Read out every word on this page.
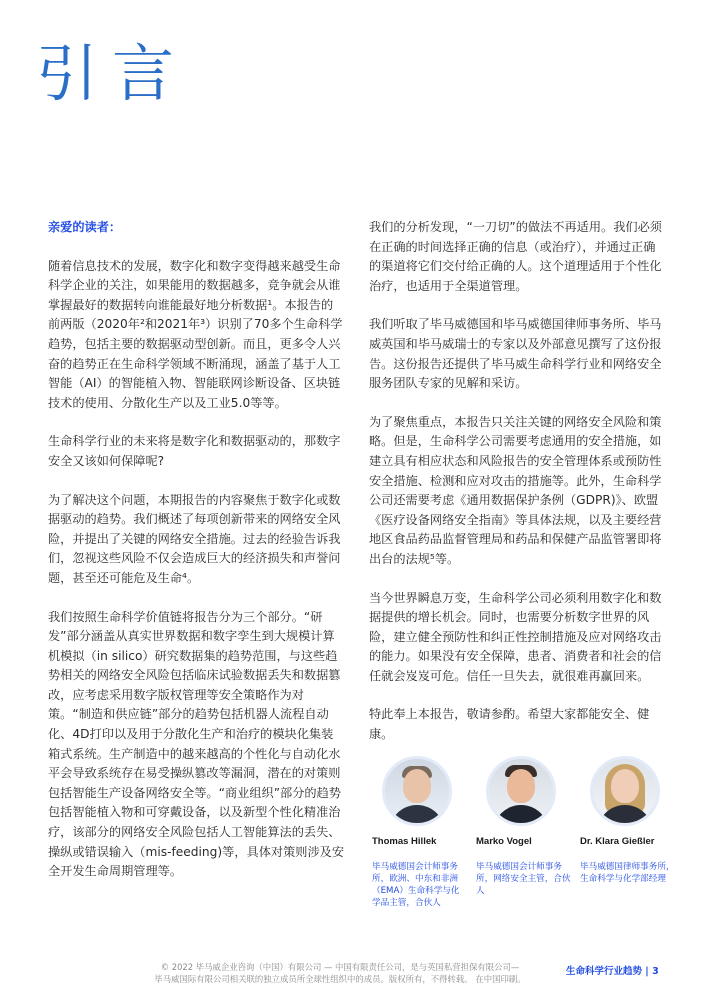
引言

亲爱的读者：

随着信息技术的发展，数字化和数字变得越来越受生命科学企业的关注，如果能用的数据越多，竞争就会从谁掌握最好的数据转向谁能最好地分析数据¹。本报告的前两版（2020年²和2021年³）识别了70多个生命科学趋势，包括主要的数据驱动型创新。而且，更多令人兴奋的趋势正在生命科学领域不断涌现，涵盖了基于人工智能（AI）的智能植入物、智能联网诊断设备、区块链技术的使用、分散化生产以及工业5.0等等。

生命科学行业的未来将是数字化和数据驱动的，那数字安全又该如何保障呢?

为了解决这个问题，本期报告的内容聚焦于数字化或数据驱动的趋势。我们概述了每项创新带来的网络安全风险，并提出了关键的网络安全措施。过去的经验告诉我们，忽视这些风险不仅会造成巨大的经济损失和声誉问题，甚至还可能危及生命⁴。

我们按照生命科学价值链将报告分为三个部分。“研发”部分涵盖从真实世界数据和数字孪生到大规模计算机模拟（in silico）研究数据集的趋势范围，与这些趋势相关的网络安全风险包括临床试验数据丢失和数据篡改，应考虑采用数字版权管理等安全策略作为对策。“制造和供应链”部分的趋势包括机器人流程自动化、4D打印以及用于分散化生产和治疗的模块化集装箱式系统。生产制造中的越来越高的个性化与自动化水平会导致系统存在易受操纵篡改等漏洞，潜在的对策则包括智能生产设备网络安全等。“商业组织”部分的趋势包括智能植入物和可穿戴设备，以及新型个性化精准治疗，该部分的网络安全风险包括人工智能算法的丢失、操纵或错误输入（mis-feeding)等，具体对策则涉及安全开发生命周期管理等。

我们的分析发现，“一刀切”的做法不再适用。我们必须在正确的时间选择正确的信息（或治疗），并通过正确的渠道将它们交付给正确的人。这个道理适用于个性化治疗，也适用于全渠道管理。

我们听取了毕马威德国和毕马威德国律师事务所、毕马威英国和毕马威瑞士的专家以及外部意见撰写了这份报告。这份报告还提供了毕马威生命科学行业和网络安全服务团队专家的见解和采访。

为了聚焦重点，本报告只关注关键的网络安全风险和策略。但是，生命科学公司需要考虑通用的安全措施，如建立具有相应状态和风险报告的安全管理体系或预防性安全措施、检测和应对攻击的措施等。此外，生命科学公司还需要考虑《通用数据保护条例（GDPR)》、欧盟《医疗设备网络安全指南》等具体法规，以及主要经营地区食品药品监督管理局和药品和保健产品监管署即将出台的法规⁵等。

当今世界瞬息万变，生命科学公司必须利用数字化和数据提供的增长机会。同时，也需要分析数字世界的风险，建立健全预防性和纠正性控制措施及应对网络攻击的能力。如果没有安全保障，患者、消费者和社会的信任就会岌岌可危。信任一旦失去，就很难再赢回来。

特此奉上本报告，敬请参酌。希望大家都能安全、健康。

Thomas Hillek
毕马威德国会计师事务所，欧洲、中东和非洲（EMA）生命科学与化学品主管，合伙人
Marko Vogel
毕马威德国会计师事务所，网络安全主管，合伙人
Dr. Klara Gießler
毕马威德国律师事务所，生命科学与化学部经理
© 2022 毕马威企业咨询（中国）有限公司 — 中国有限责任公司，是与英国私营担保有限公司—
毕马威国际有限公司相关联的独立成员所全球性组织中的成员。版权所有，不得转载。 在中国印刷。
生命科学行业趋势 | 3
